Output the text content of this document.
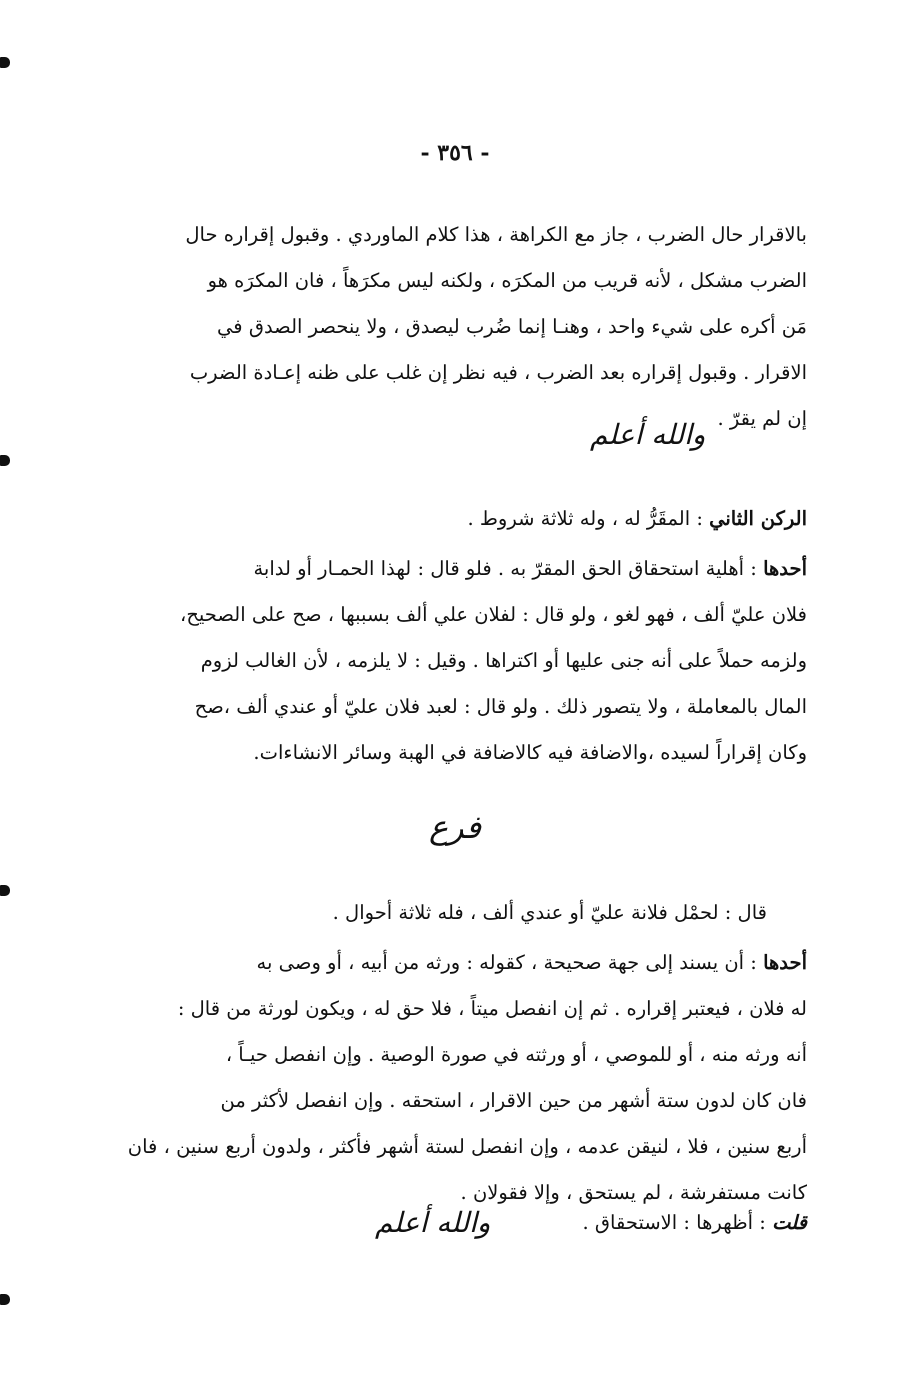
- ٣٥٦ -
بالاقرار حال الضرب ، جاز مع الكراهة ، هذا كلام الماوردي . وقبول إقراره حال
الضرب مشكل ، لأنه قريب من المكرَه ، ولكنه ليس مكرَهاً ، فان المكرَه هو
مَن أكره على شيء واحد ، وهنـا إنما ضُرب ليصدق ، ولا ينحصر الصدق في
الاقرار . وقبول إقراره بعد الضرب ، فيه نظر إن غلب على ظنه إعـادة الضرب
إن لم يقرّ .
والله أعلم
الركن الثاني : المقَرُّ له ، وله ثلاثة شروط .
أحدها : أهلية استحقاق الحق المقرّ به . فلو قال : لهذا الحمـار أو لدابة
فلان عليّ ألف ، فهو لغو ، ولو قال : لفلان علي ألف بسببها ، صح على الصحيح،
ولزمه حملاً على أنه جنى عليها أو اكتراها . وقيل : لا يلزمه ، لأن الغالب لزوم
المال بالمعاملة ، ولا يتصور ذلك . ولو قال : لعبد فلان عليّ أو عندي ألف ،صح
وكان إقراراً لسيده ،والاضافة فيه كالاضافة في الهبة وسائر الانشاءات.
فرع
قال : لحمْل فلانة عليّ أو عندي ألف ، فله ثلاثة أحوال .
أحدها : أن يسند إلى جهة صحيحة ، كقوله : ورثه من أبيه ، أو وصى به
له فلان ، فيعتبر إقراره . ثم إن انفصل ميتاً ، فلا حق له ، ويكون لورثة من قال :
أنه ورثه منه ، أو للموصي ، أو ورثته في صورة الوصية . وإن انفصل حيـاً ،
فان كان لدون ستة أشهر من حين الاقرار ، استحقه . وإن انفصل لأكثر من
أربع سنين ، فلا ، لنيقن عدمه ، وإن انفصل لستة أشهر فأكثر ، ولدون أربع سنين ، فان
كانت مستفرشة ، لم يستحق ، وإلا فقولان .
قلت : أظهرها : الاستحقاق .
والله أعلم
